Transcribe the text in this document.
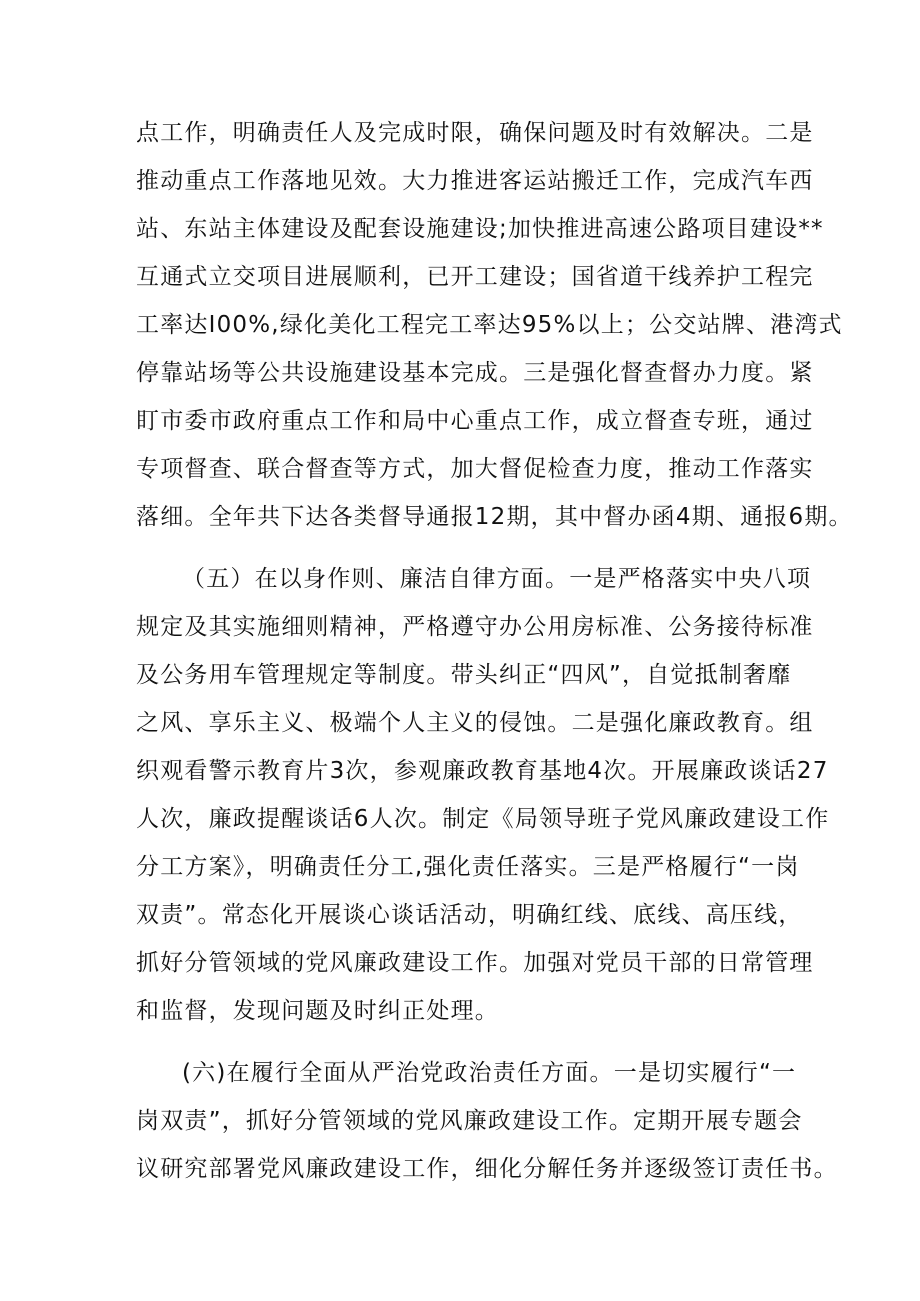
点工作，明确责任人及完成时限，确保问题及时有效解决。二是
推动重点工作落地见效。大力推进客运站搬迁工作，完成汽车西
站、东站主体建设及配套设施建设;加快推进高速公路项目建设**
互通式立交项目进展顺利，已开工建设；国省道干线养护工程完
工率达I00%,绿化美化工程完工率达95%以上；公交站牌、港湾式
停靠站场等公共设施建设基本完成。三是强化督查督办力度。紧
盯市委市政府重点工作和局中心重点工作，成立督查专班，通过
专项督查、联合督查等方式，加大督促检查力度，推动工作落实
落细。全年共下达各类督导通报12期，其中督办函4期、通报6期。
（五）在以身作则、廉洁自律方面。一是严格落实中央八项
规定及其实施细则精神，严格遵守办公用房标准、公务接待标准
及公务用车管理规定等制度。带头纠正“四风”，自觉抵制奢靡
之风、享乐主义、极端个人主义的侵蚀。二是强化廉政教育。组
织观看警示教育片3次，参观廉政教育基地4次。开展廉政谈话27
人次，廉政提醒谈话6人次。制定《局领导班子党风廉政建设工作
分工方案》，明确责任分工,强化责任落实。三是严格履行“一岗
双责”。常态化开展谈心谈话活动，明确红线、底线、高压线，
抓好分管领域的党风廉政建设工作。加强对党员干部的日常管理
和监督，发现问题及时纠正处理。
(六)在履行全面从严治党政治责任方面。一是切实履行“一
岗双责”，抓好分管领域的党风廉政建设工作。定期开展专题会
议研究部署党风廉政建设工作，细化分解任务并逐级签订责任书。
